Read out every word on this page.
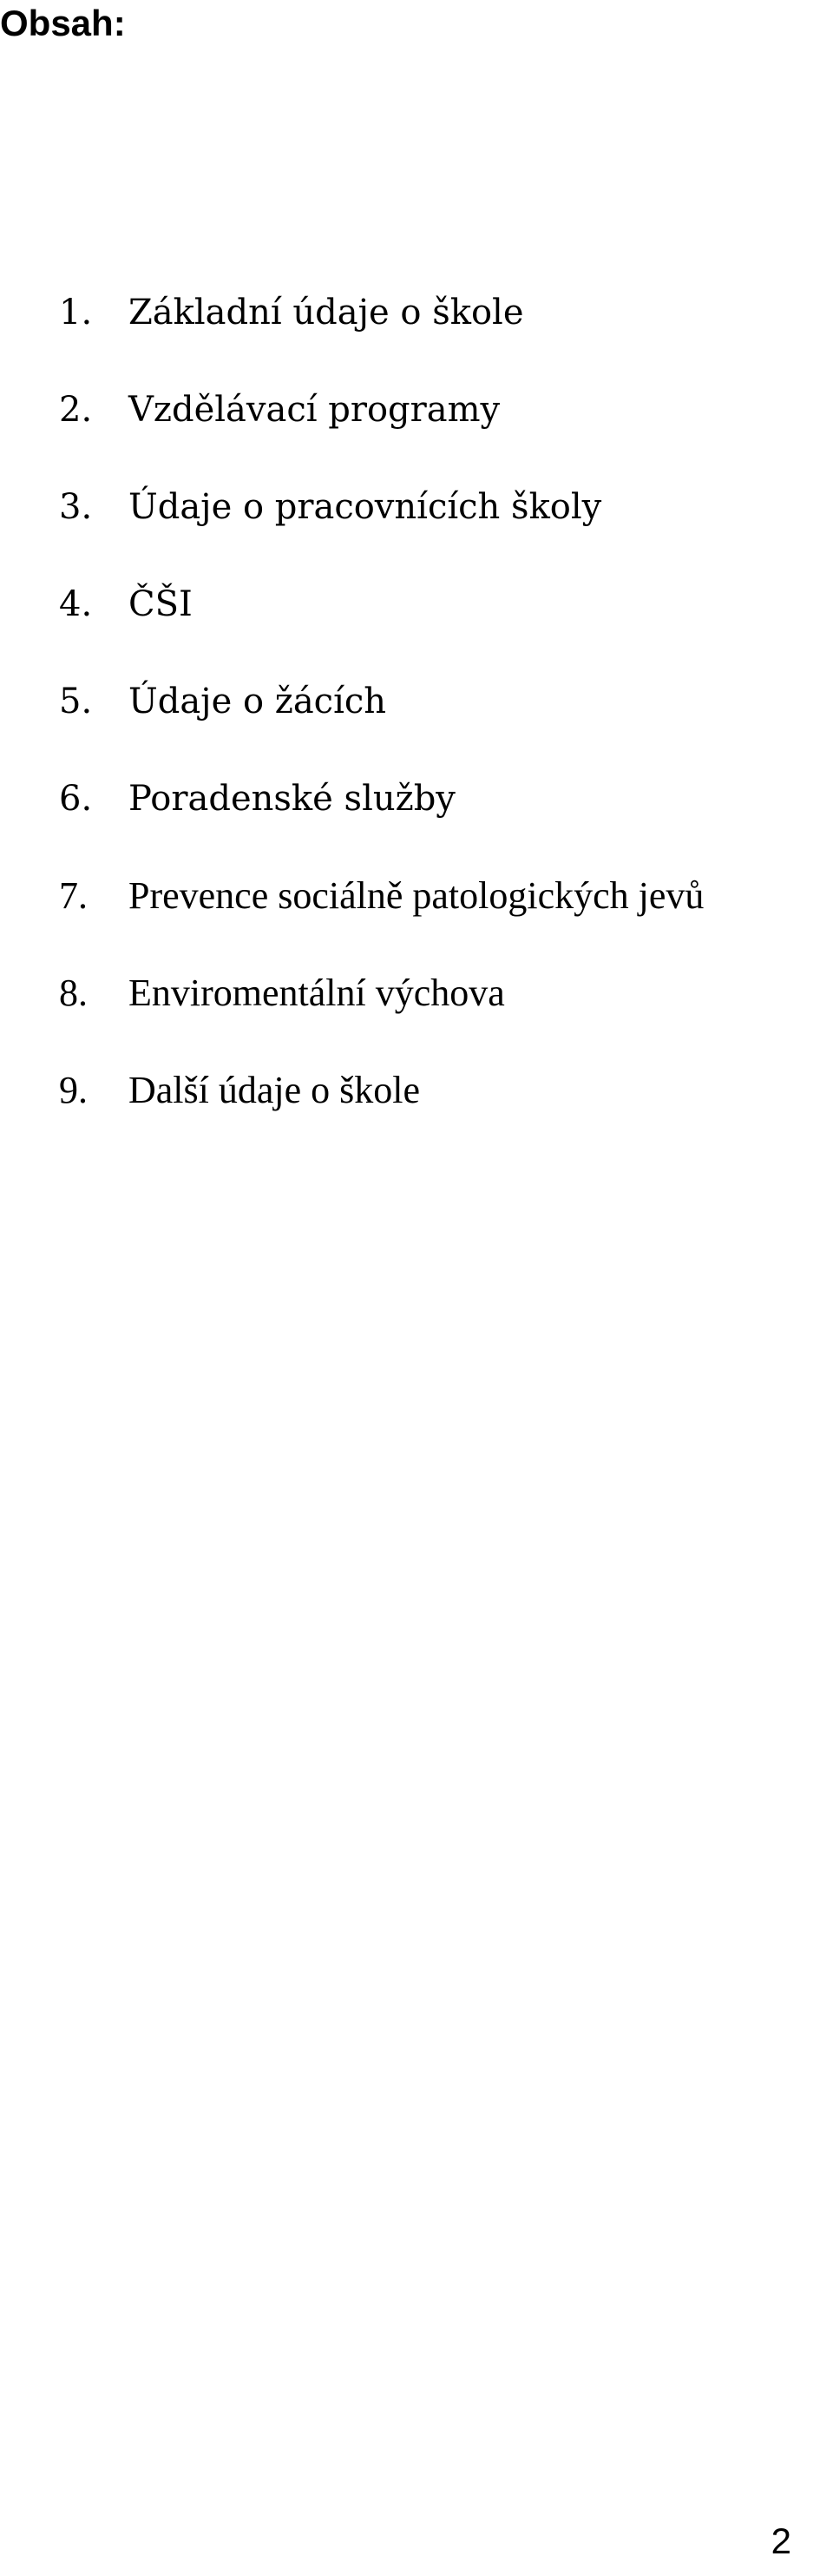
Obsah:
1. Základní údaje o škole
2. Vzdělávací programy
3. Údaje o pracovnících školy
4. ČŠI
5. Údaje o žácích
6. Poradenské služby
7. Prevence sociálně patologických jevů
8. Enviromentální výchova
9. Další údaje o škole
2
